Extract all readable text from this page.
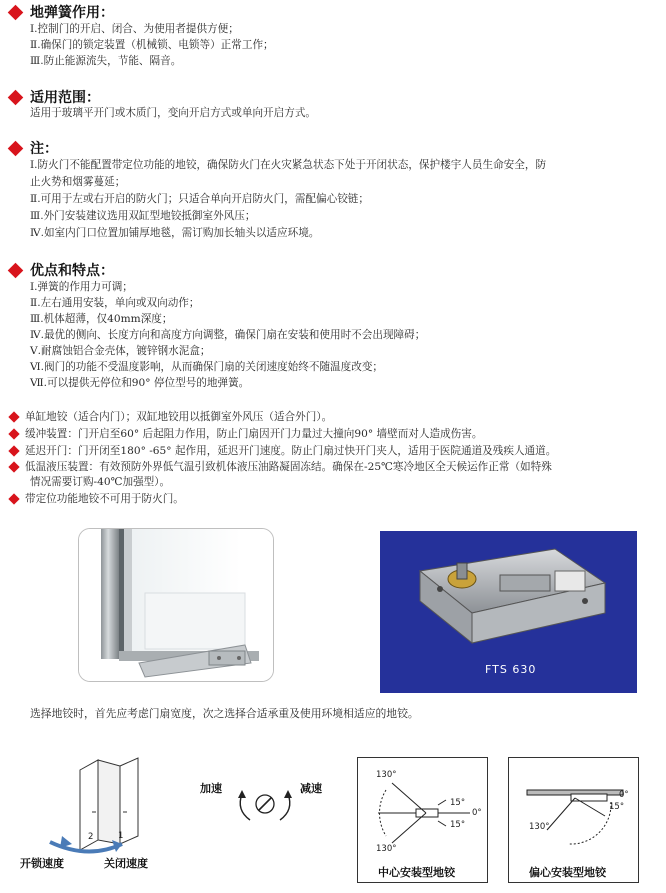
地弹簧作用：
Ⅰ.控制门的开启、闭合、为使用者提供方便；
Ⅱ.确保门的锁定装置（机械锁、电锁等）正常工作；
Ⅲ.防止能源流失，节能、隔音。
适用范围：
适用于玻璃平开门或木质门，变向开启方式或单向开启方式。
注：
Ⅰ.防火门不能配置带定位功能的地铰，确保防火门在火灾紧急状态下处于开闭状态，保护楼宇人员生命安全，防
止火势和烟雾蔓延；
Ⅱ.可用于左或右开启的防火门；只适合单向开启防火门，需配偏心铰链；
Ⅲ.外门安装建议选用双缸型地铰抵御室外风压；
Ⅳ.如室内门口位置加铺厚地毯，需订购加长轴头以适应环境。
优点和特点：
Ⅰ.弹簧的作用力可调；
Ⅱ.左右通用安装，单向或双向动作；
Ⅲ.机体超薄，仅40mm深度；
Ⅳ.最优的侧向、长度方向和高度方向调整，确保门扇在安装和使用时不会出现障碍；
Ⅴ.耐腐蚀铝合金壳体，镀锌钢水泥盒；
Ⅵ.阀门的功能不受温度影响，从而确保门扇的关闭速度始终不随温度改变；
Ⅶ.可以提供无停位和90° 停位型号的地弹簧。
单缸地铰（适合内门）；双缸地铰用以抵御室外风压（适合外门）。
缓冲装置：门开启至60° 后起阻力作用，防止门扇因开门力量过大撞向90° 墙壁而对人造成伤害。
延迟开门：门开闭至180° -65° 起作用，延迟开门速度。防止门扇过快开门夹人，适用于医院通道及残疾人通道。
低温液压装置：有效预防外界低气温引致机体液压油路凝固冻结。确保在-25℃寒冷地区全天候运作正常（如特殊
情况需要订购-40℃加强型）。
带定位功能地铰不可用于防火门。
FTS 630
选择地铰时，首先应考虑门扇宽度，次之选择合适承重及使用环境相适应的地铰。
2	1
开锁速度	关闭速度
加速	减速
130°
15°
0°
15°
130°
中心安装型地铰
0°
15°
130°
偏心安装型地铰
